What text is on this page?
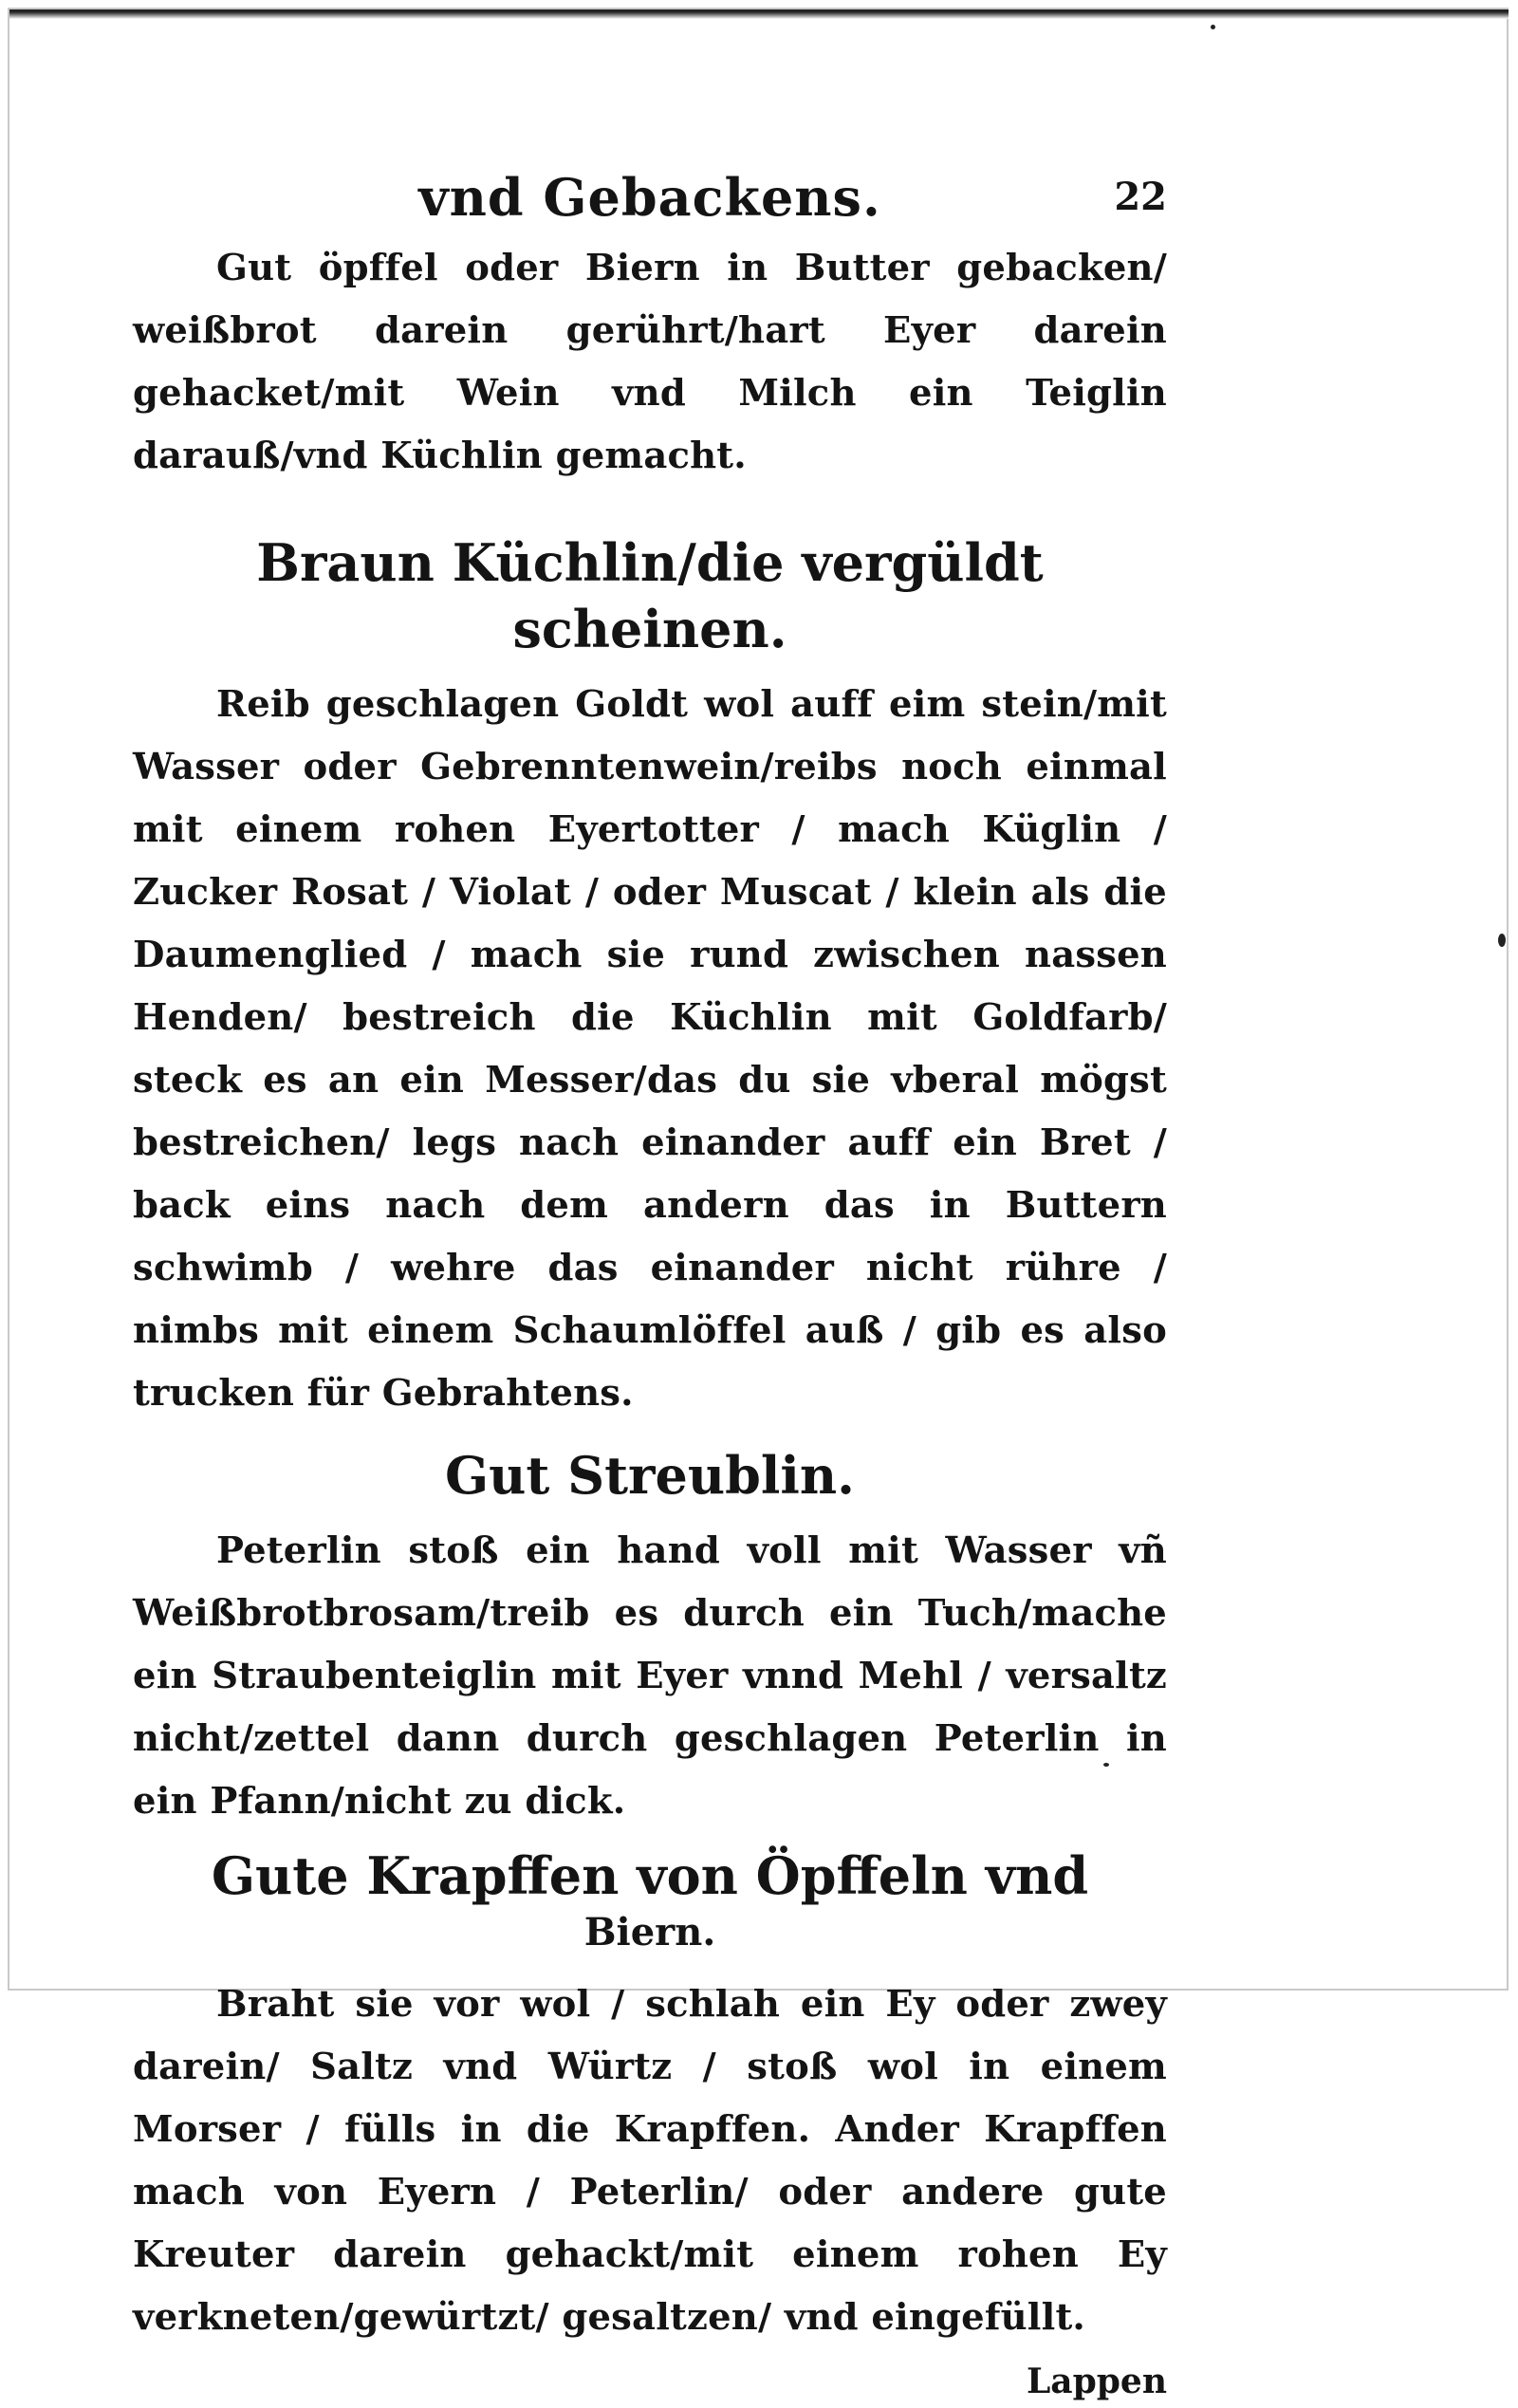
vnd Gebackens.	22

Gut öpffel oder Biern in Butter gebacken/ weißbrot darein gerührt/hart Eyer darein gehacket/mit Wein vnd Milch ein Teiglin darauß/vnd Küchlin gemacht.

Braun Küchlin/die vergüldt scheinen.

Reib geschlagen Goldt wol auff eim stein/mit Wasser oder Gebrenntenwein/reibs noch einmal mit einem rohen Eyertotter / mach Küglin / Zucker Rosat / Violat / oder Muscat / klein als die Daumenglied / mach sie rund zwischen nassen Henden/ bestreich die Küchlin mit Goldfarb/ steck es an ein Messer/das du sie vberal mögst bestreichen/ legs nach einander auff ein Bret / back eins nach dem andern das in Buttern schwimb / wehre das einander nicht rühre / nimbs mit einem Schaumlöffel auß / gib es also trucken für Gebrahtens.

Gut Streublin.

Peterlin stoß ein hand voll mit Wasser vñ Weißbrotbrosam/treib es durch ein Tuch/mache ein Straubenteiglin mit Eyer vnnd Mehl / versaltz nicht/zettel dann durch geschlagen Peterlin in ein Pfann/nicht zu dick.

Gute Krapffen von Öpffeln vnd
Biern.

Braht sie vor wol / schlah ein Ey oder zwey darein/ Saltz vnd Würtz / stoß wol in einem Morser / fülls in die Krapffen. Ander Krapffen mach von Eyern / Peterlin/ oder andere gute Kreuter darein gehackt/mit einem rohen Ey verkneten/gewürtzt/ gesaltzen/ vnd eingefüllt.

Lappen
